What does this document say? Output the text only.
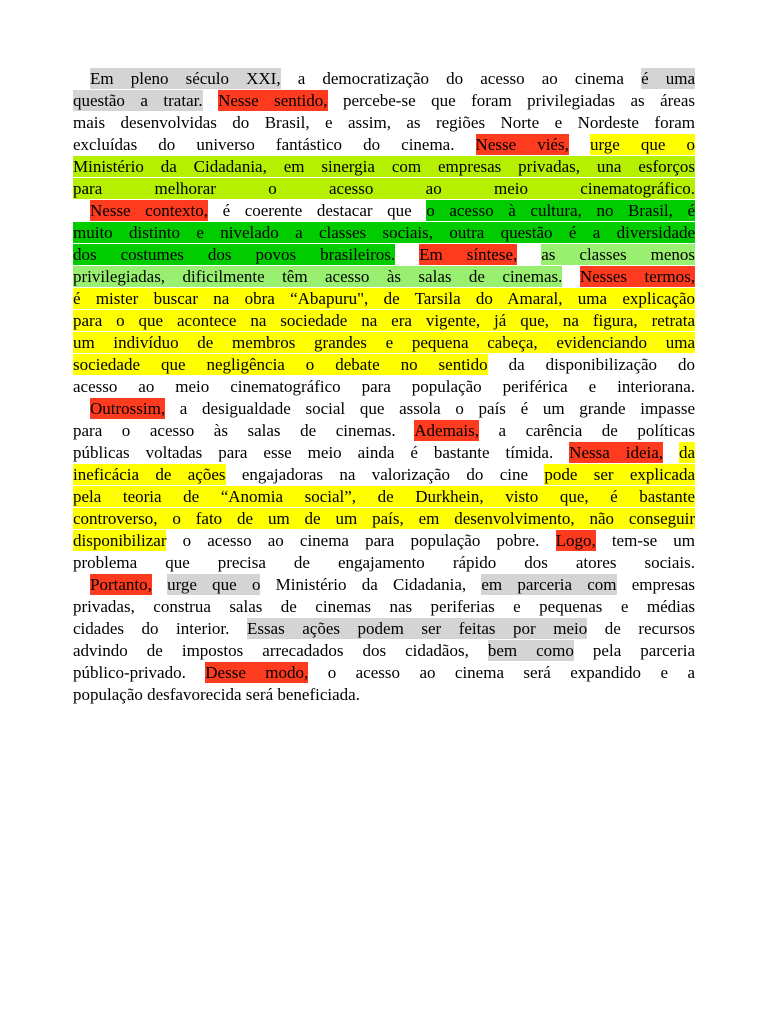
Em pleno século XXI, a democratização do acesso ao cinema é uma
questão a tratar. Nesse sentido, percebe-se que foram privilegiadas as áreas
mais desenvolvidas do Brasil, e assim, as regiões Norte e Nordeste foram
excluídas do universo fantástico do cinema. Nesse viés, urge que o
Ministério da Cidadania, em sinergia com empresas privadas, una esforços
para melhorar o acesso ao meio cinematográfico.
Nesse contexto, é coerente destacar que o acesso à cultura, no Brasil, é
muito distinto e nivelado a classes sociais, outra questão é a diversidade
dos costumes dos povos brasileiros. Em síntese, as classes menos
privilegiadas, dificilmente têm acesso às salas de cinemas. Nesses termos,
é mister buscar na obra “Abapuru", de Tarsila do Amaral, uma explicação
para o que acontece na sociedade na era vigente, já que, na figura, retrata
um indivíduo de membros grandes e pequena cabeça, evidenciando uma
sociedade que negligência o debate no sentido da disponibilização do
acesso ao meio cinematográfico para população periférica e interiorana.
Outrossim, a desigualdade social que assola o país é um grande impasse
para o acesso às salas de cinemas. Ademais, a carência de políticas
públicas voltadas para esse meio ainda é bastante tímida. Nessa ideia, da
ineficácia de ações engajadoras na valorização do cine pode ser explicada
pela teoria de “Anomia social”, de Durkhein, visto que, é bastante
controverso, o fato de um de um país, em desenvolvimento, não conseguir
disponibilizar o acesso ao cinema para população pobre. Logo, tem-se um
problema que precisa de engajamento rápido dos atores sociais.
Portanto, urge que o Ministério da Cidadania, em parceria com empresas
privadas, construa salas de cinemas nas periferias e pequenas e médias
cidades do interior. Essas ações podem ser feitas por meio de recursos
advindo de impostos arrecadados dos cidadãos, bem como pela parceria
público-privado. Desse modo, o acesso ao cinema será expandido e a
população desfavorecida será beneficiada.
